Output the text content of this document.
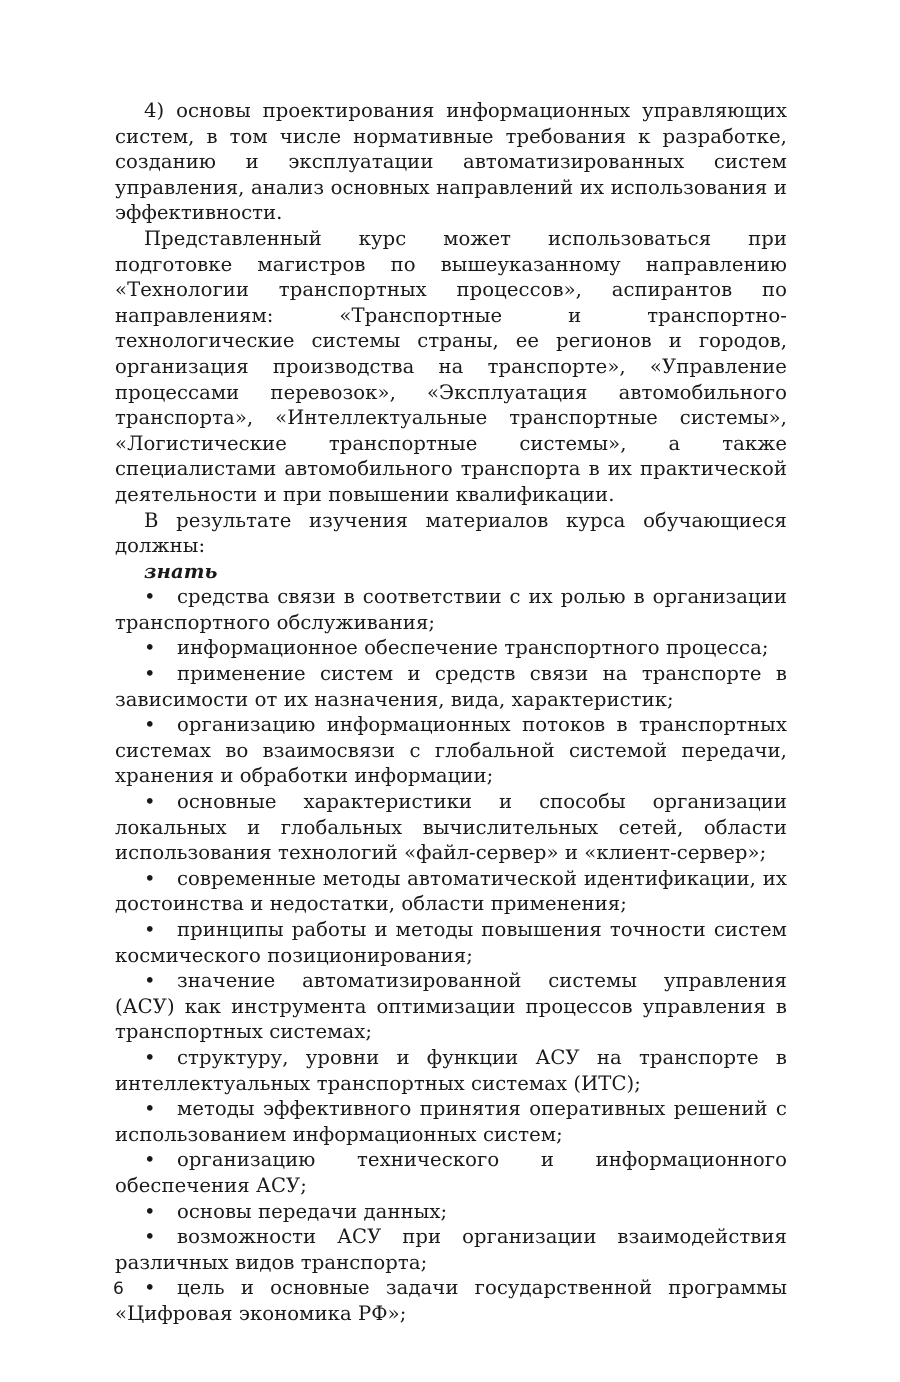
4) основы проектирования информационных управляющих систем, в том числе нормативные требования к разработке, созданию и эксплуатации автоматизированных систем управления, анализ основных направлений их использования и эффективности.

Представленный курс может использоваться при подготовке магистров по вышеуказанному направлению «Технологии транспортных процессов», аспирантов по направлениям: «Транспортные и транспортно-технологические системы страны, ее регионов и городов, организация производства на транспорте», «Управление процессами перевозок», «Эксплуатация автомобильного транспорта», «Интеллектуальные транспортные системы», «Логистические транспортные системы», а также специалистами автомобильного транспорта в их практической деятельности и при повышении квалификации.

В результате изучения материалов курса обучающиеся должны:

знать

• средства связи в соответствии с их ролью в организации транспортного обслуживания;

• информационное обеспечение транспортного процесса;

• применение систем и средств связи на транспорте в зависимости от их назначения, вида, характеристик;

• организацию информационных потоков в транспортных системах во взаимосвязи с глобальной системой передачи, хранения и обработки информации;

• основные характеристики и способы организации локальных и глобальных вычислительных сетей, области использования технологий «файл-сервер» и «клиент-сервер»;

• современные методы автоматической идентификации, их достоинства и недостатки, области применения;

• принципы работы и методы повышения точности систем космического позиционирования;

• значение автоматизированной системы управления (АСУ) как инструмента оптимизации процессов управления в транспортных системах;

• структуру, уровни и функции АСУ на транспорте в интеллектуальных транспортных системах (ИТС);

• методы эффективного принятия оперативных решений с использованием информационных систем;

• организацию технического и информационного обеспечения АСУ;

• основы передачи данных;

• возможности АСУ при организации взаимодействия различных видов транспорта;

• цель и основные задачи государственной программы «Цифровая экономика РФ»;

6
